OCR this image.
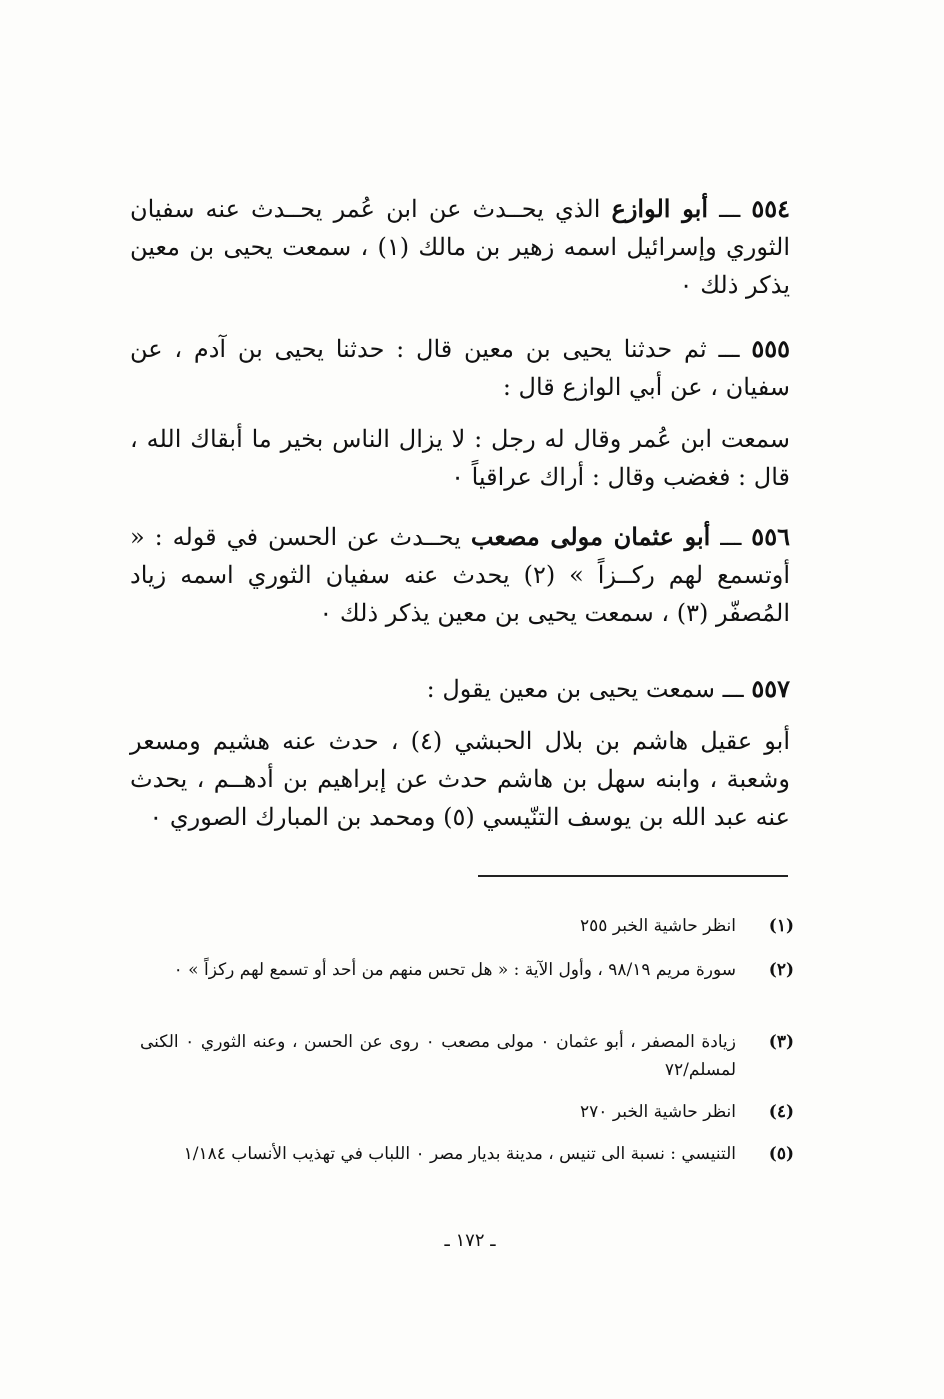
٥٥٤ ـــ أبو الوازع الذي يحــدث عن ابن عُمر يحــدث عنه سفيان الثوري وإسرائيل اسمه زهير بن مالك (١) ، سمعت يحيى بن معين يذكر ذلك ٠

٥٥٥ ـــ ثم حدثنا يحيى بن معين قال : حدثنا يحيى بن آدم ، عن سفيان ، عن أبي الوازع قال :

سمعت ابن عُمر وقال له رجل : لا يزال الناس بخير ما أبقاك الله ، قال : فغضب وقال : أراك عراقياً ٠

٥٥٦ ـــ أبو عثمان مولى مصعب يحــدث عن الحسن في قوله : « أوتسمع لهم ركــزاً » (٢) يحدث عنه سفيان الثوري اسمه زياد المُصفّر (٣) ، سمعت يحيى بن معين يذكر ذلك ٠

٥٥٧ ـــ سمعت يحيى بن معين يقول :

أبو عقيل هاشم بن بلال الحبشي (٤) ، حدث عنه هشيم ومسعر وشعبة ، وابنه سهل بن هاشم حدث عن إبراهيم بن أدهــم ، يحدث عنه عبد الله بن يوسف التنّيسي (٥) ومحمد بن المبارك الصوري ٠

(١)
انظر حاشية الخبر ٢٥٥
(٢)
سورة مريم ٩٨/١٩ ، وأول الآية : « هل تحس منهم من أحد أو تسمع لهم ركزاً » ٠
(٣)
زيادة المصفر ، أبو عثمان ٠ مولى مصعب ٠ روى عن الحسن ، وعنه الثوري ٠ الكنى لمسلم/٧٢
(٤)
انظر حاشية الخبر ٢٧٠
(٥)
التنيسي : نسبة الى تنيس ، مدينة بديار مصر ٠ اللباب في تهذيب الأنساب ١/١٨٤
ـ ١٧٢ ـ
